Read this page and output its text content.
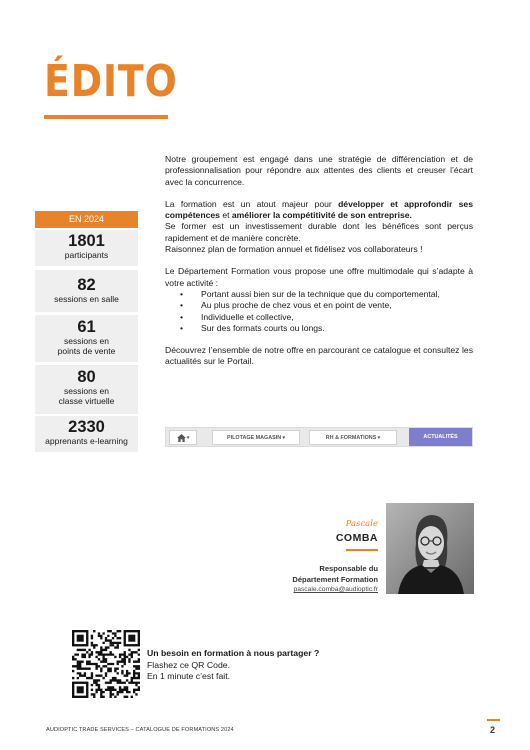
ÉDITO

Notre groupement est engagé dans une stratégie de différenciation et de professionnalisation pour répondre aux attentes des clients et creuser l’écart avec la concurrence.

La formation est un atout majeur pour développer et approfondir ses compétences et améliorer la compétitivité de son entreprise.
Se former est un investissement durable dont les bénéfices sont perçus rapidement et de manière concrète.
Raisonnez plan de formation annuel et fidélisez vos collaborateurs !

Le Département Formation vous propose une offre multimodale qui s’adapte à votre activité :

• Portant aussi bien sur de la technique que du comportemental,
• Au plus proche de chez vous et en point de vente,
• Individuelle et collective,
• Sur des formats courts ou longs.

Découvrez l’ensemble de notre offre en parcourant ce catalogue et consultez les actualités sur le Portail.

EN 2024
1801
participants
82
sessions en salle
61
sessions en points de vente
80
sessions en classe virtuelle
2330
apprenants e-learning	▾	PILOTAGE MAGASIN ▾	RH & FORMATIONS ▾	ACTUALITÉS
Pascale
COMBA
Responsable du
Département Formation
pascale.comba@audioptic.fr
Un besoin en formation à nous partager ?
Flashez ce QR Code.
En 1 minute c’est fait.
AUDIOPTIC TRADE SERVICES – CATALOGUE DE FORMATIONS 2024	2
